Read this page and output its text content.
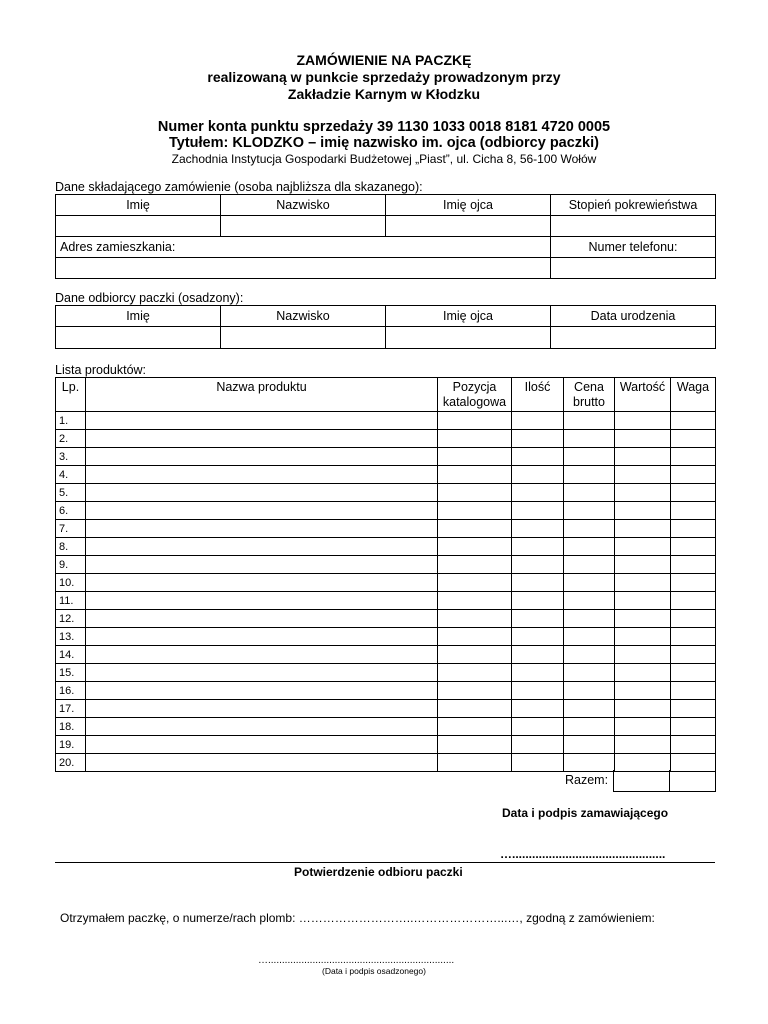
ZAMÓWIENIE NA PACZKĘ
realizowaną w punkcie sprzedaży prowadzonym przy
Zakładzie Karnym w Kłodzku
Numer konta punktu sprzedaży 39 1130 1033 0018 8181 4720 0005
Tytułem: KLODZKO – imię nazwisko im. ojca (odbiorcy paczki)
Zachodnia Instytucja Gospodarki Budżetowej „Piast”, ul. Cicha 8, 56-100 Wołów
Dane składającego zamówienie (osoba najbliższa dla skazanego):
Imię	Nazwisko	Imię ojca	Stopień pokrewieństwa

Adres zamieszkania:			Numer telefonu:

Dane odbiorcy paczki (osadzony):
Imię	Nazwisko	Imię ojca	Data urodzenia

Lista produktów:
Lp.	Nazwa produktu	Pozycja katalogowa	Ilość	Cena brutto	Wartość	Waga
1.						
2.						
3.						
4.						
5.						
6.						
7.						
8.						
9.						
10.						
11.						
12.						
13.						
14.						
15.						
16.						
17.						
18.						
19.						
20.						
Razem:

Data i podpis zamawiającego
…..............................................
Potwierdzenie odbioru paczki
Otrzymałem paczkę, o numerze/rach plomb: ………………………..…………………...…, zgodną z zamówieniem:
…...................................................................
(Data i podpis osadzonego)
